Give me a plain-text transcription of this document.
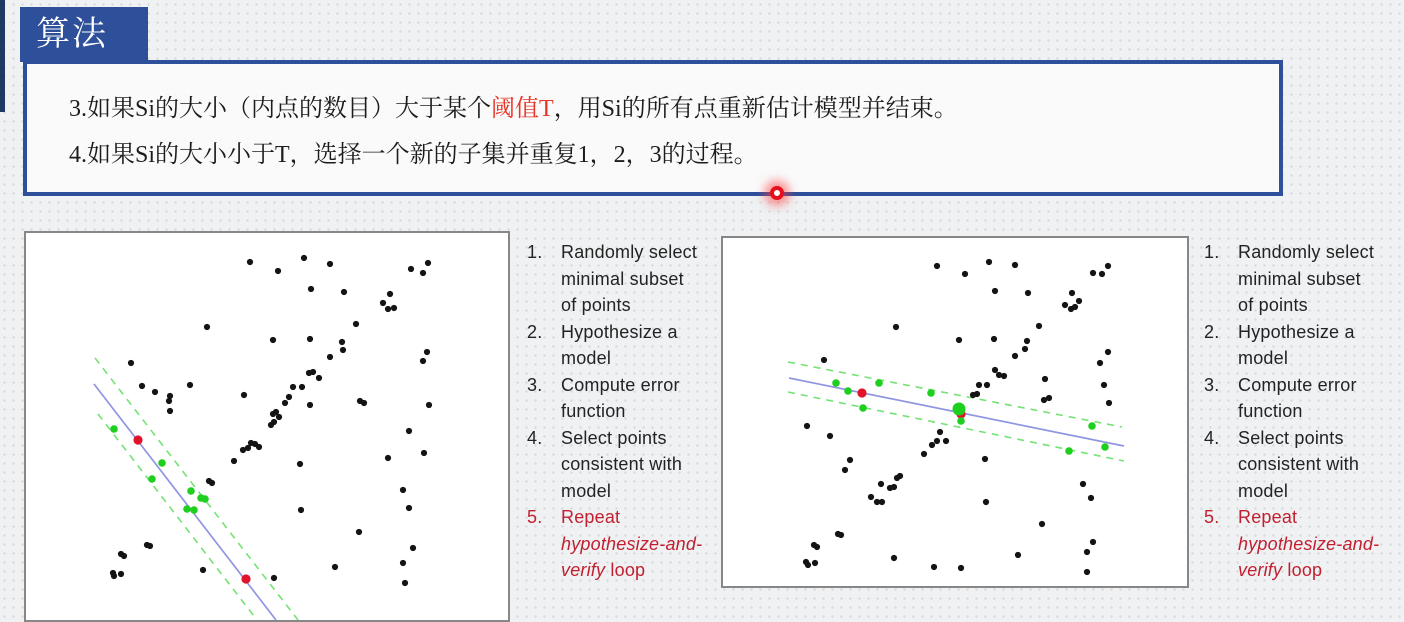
算法
3.如果Si的大小（内点的数目）大于某个阈值T，用Si的所有点重新估计模型并结束。
4.如果Si的大小小于T，选择一个新的子集并重复1，2，3的过程。
1.	Randomly select
minimal subset
of points
2.	Hypothesize a
model
3.	Compute error
function
4.	Select points
consistent with
model
5.	Repeat
hypothesize-and-
verify loop
1.	Randomly select
minimal subset
of points
2.	Hypothesize a
model
3.	Compute error
function
4.	Select points
consistent with
model
5.	Repeat
hypothesize-and-
verify loop
